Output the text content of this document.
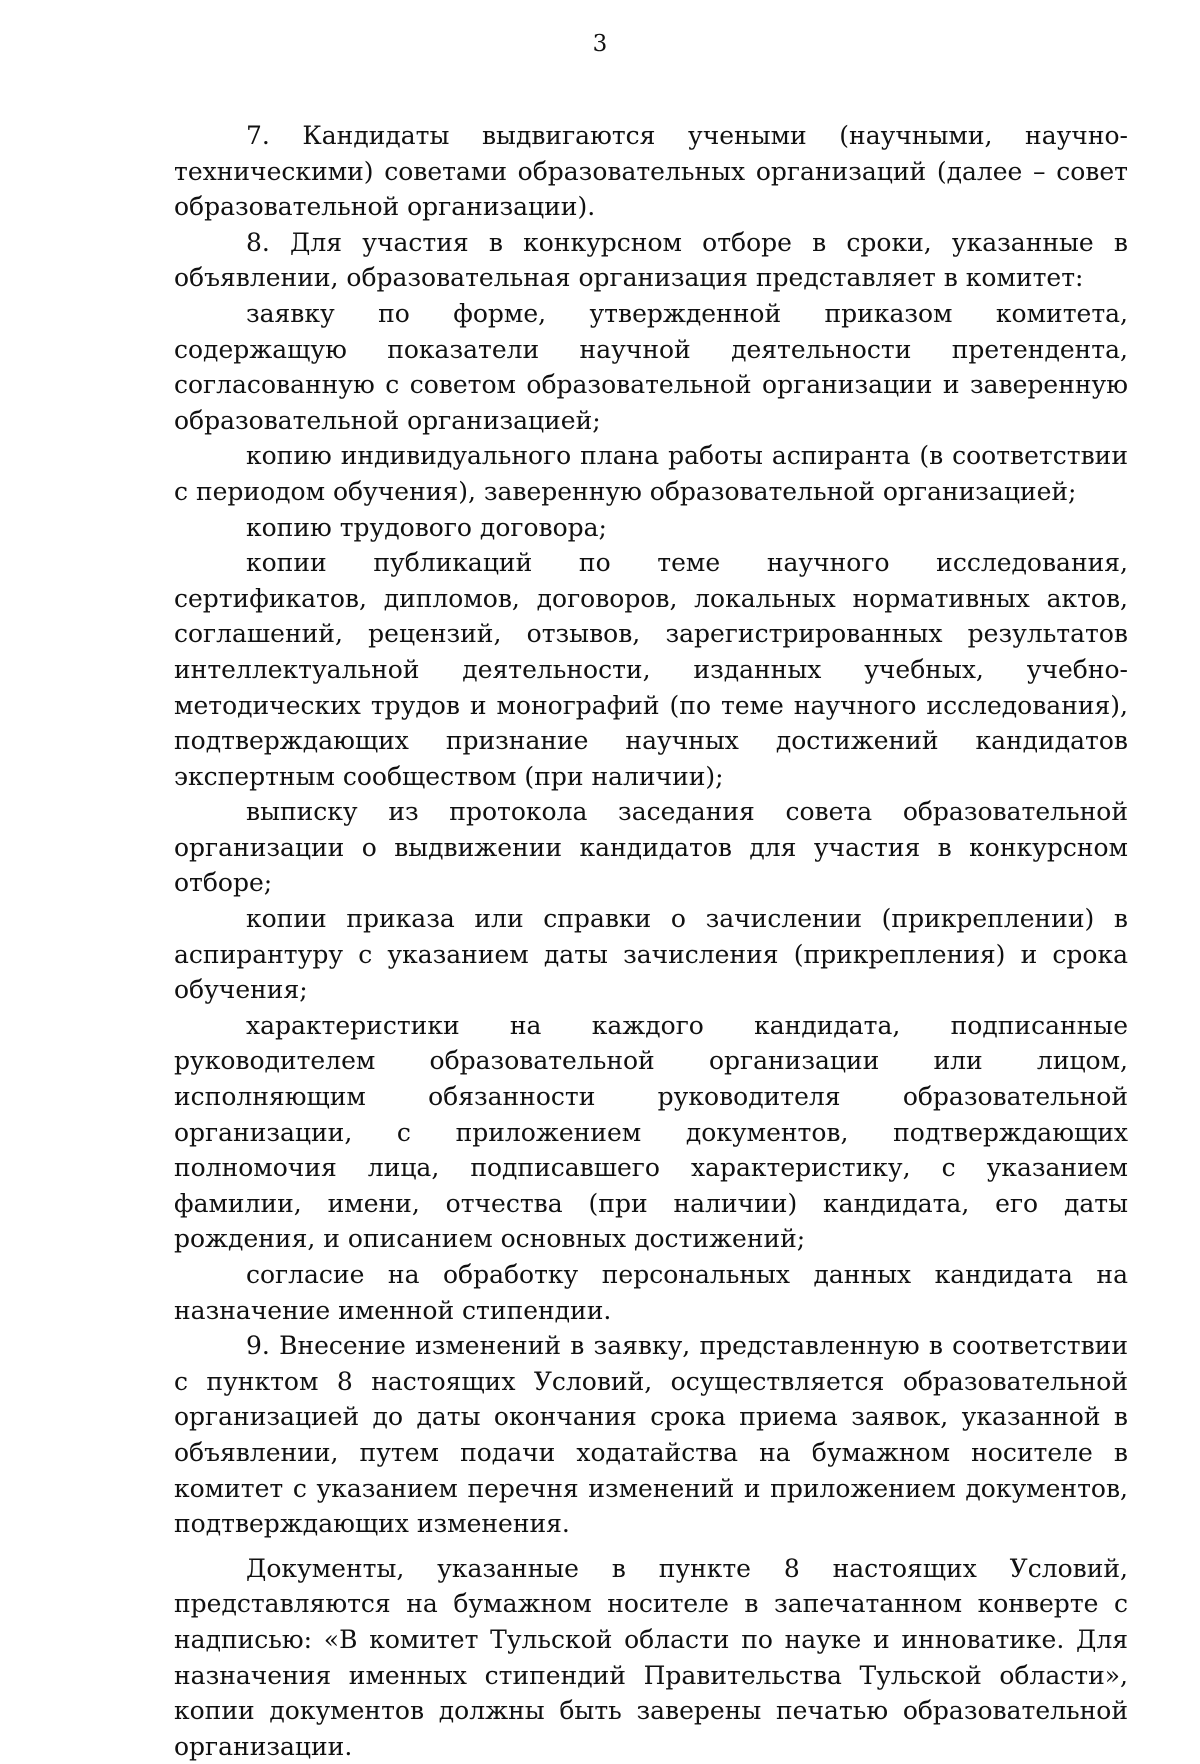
3

7. Кандидаты выдвигаются учеными (научными, научно-техническими) советами образовательных организаций (далее – совет образовательной организации).

8. Для участия в конкурсном отборе в сроки, указанные в объявлении, образовательная организация представляет в комитет:

заявку по форме, утвержденной приказом комитета, содержащую показатели научной деятельности претендента, согласованную с советом образовательной организации и заверенную образовательной организацией;

копию индивидуального плана работы аспиранта (в соответствии с периодом обучения), заверенную образовательной организацией;

копию трудового договора;

копии публикаций по теме научного исследования, сертификатов, дипломов, договоров, локальных нормативных актов, соглашений, рецензий, отзывов, зарегистрированных результатов интеллектуальной деятельности, изданных учебных, учебно-методических трудов и монографий (по теме научного исследования), подтверждающих признание научных достижений кандидатов экспертным сообществом (при наличии);

выписку из протокола заседания совета образовательной организации о выдвижении кандидатов для участия в конкурсном отборе;

копии приказа или справки о зачислении (прикреплении) в аспирантуру с указанием даты зачисления (прикрепления) и срока обучения;

характеристики на каждого кандидата, подписанные руководителем образовательной организации или лицом, исполняющим обязанности руководителя образовательной организации, с приложением документов, подтверждающих полномочия лица, подписавшего характеристику, с указанием фамилии, имени, отчества (при наличии) кандидата, его даты рождения, и описанием основных достижений;

согласие на обработку персональных данных кандидата на назначение именной стипендии.

9. Внесение изменений в заявку, представленную в соответствии с пунктом 8 настоящих Условий, осуществляется образовательной организацией до даты окончания срока приема заявок, указанной в объявлении, путем подачи ходатайства на бумажном носителе в комитет с указанием перечня изменений и приложением документов, подтверждающих изменения.

Документы, указанные в пункте 8 настоящих Условий, представляются на бумажном носителе в запечатанном конверте с надписью: «В комитет Тульской области по науке и инноватике. Для назначения именных стипендий Правительства Тульской области», копии документов должны быть заверены печатью образовательной организации.
